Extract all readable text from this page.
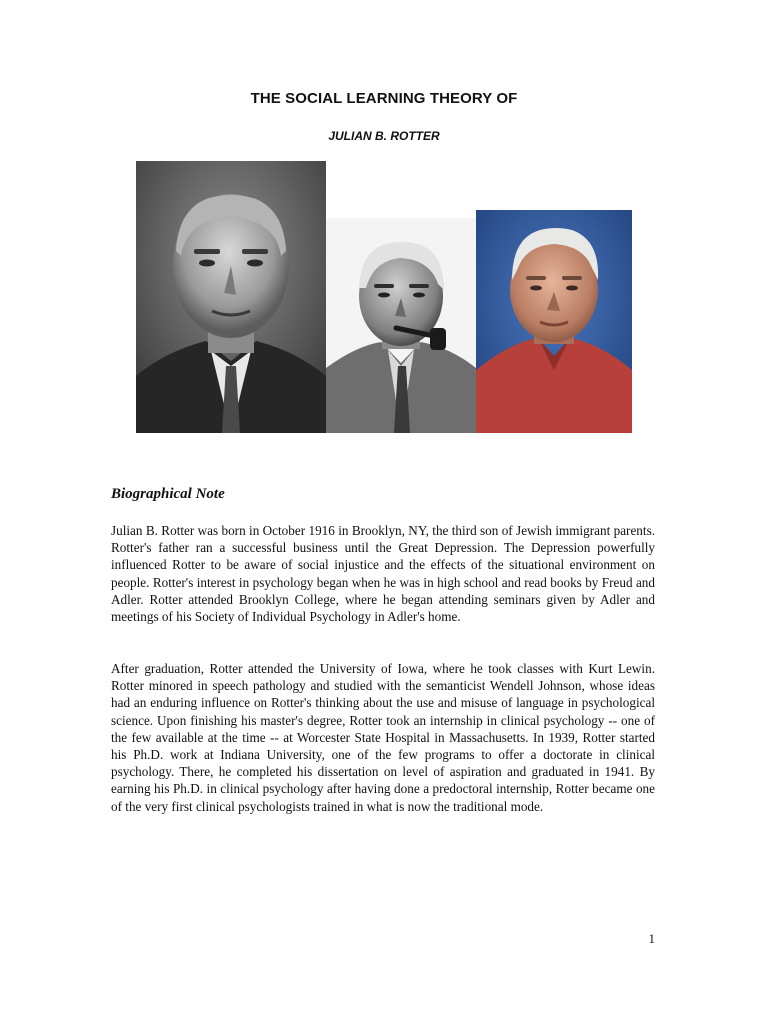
THE SOCIAL LEARNING THEORY OF
JULIAN B. ROTTER
Biographical Note

Julian B. Rotter was born in October 1916 in Brooklyn, NY, the third son of Jewish immigrant parents. Rotter's father ran a successful business until the Great Depression. The Depression powerfully influenced Rotter to be aware of social injustice and the effects of the situational environment on people. Rotter's interest in psychology began when he was in high school and read books by Freud and Adler. Rotter attended Brooklyn College, where he began attending seminars given by Adler and meetings of his Society of Individual Psychology in Adler's home.

After graduation, Rotter attended the University of Iowa, where he took classes with Kurt Lewin. Rotter minored in speech pathology and studied with the semanticist Wendell Johnson, whose ideas had an enduring influence on Rotter's thinking about the use and misuse of language in psychological science. Upon finishing his master's degree, Rotter took an internship in clinical psychology -- one of the few available at the time -- at Worcester State Hospital in Massachusetts. In 1939, Rotter started his Ph.D. work at Indiana University, one of the few programs to offer a doctorate in clinical psychology. There, he completed his dissertation on level of aspiration and graduated in 1941. By earning his Ph.D. in clinical psychology after having done a predoctoral internship, Rotter became one of the very first clinical psychologists trained in what is now the traditional mode.

1
